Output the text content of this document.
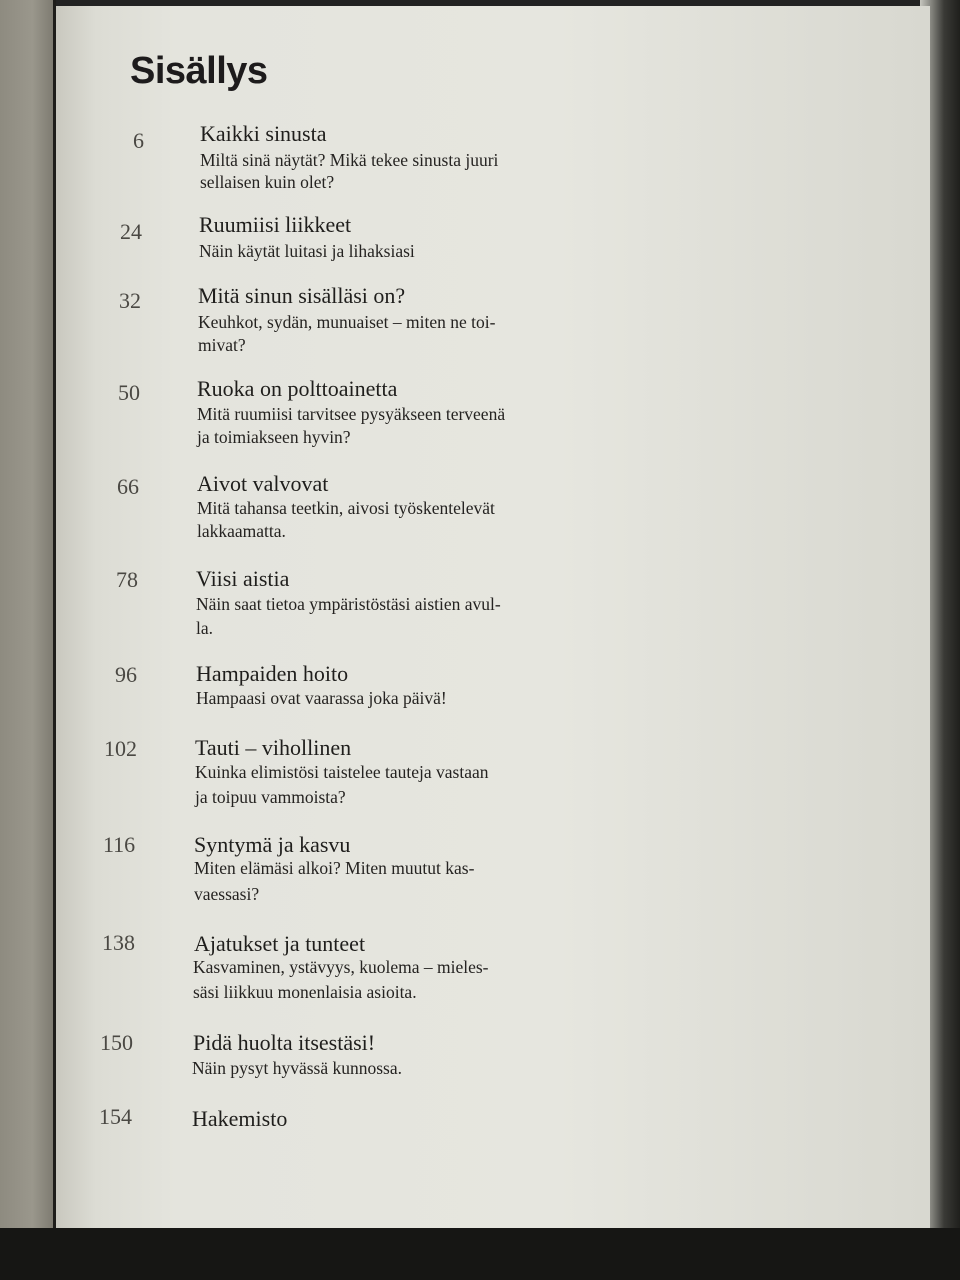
Sisällys
6	Kaikki sinusta
Miltä sinä näytät? Mikä tekee sinusta juuri
sellaisen kuin olet?
24	Ruumiisi liikkeet
Näin käytät luitasi ja lihaksiasi
32	Mitä sinun sisälläsi on?
Keuhkot, sydän, munuaiset – miten ne toi-
mivat?
50	Ruoka on polttoainetta
Mitä ruumiisi tarvitsee pysyäkseen terveenä
ja toimiakseen hyvin?
66	Aivot valvovat
Mitä tahansa teetkin, aivosi työskentelevät
lakkaamatta.
78	Viisi aistia
Näin saat tietoa ympäristöstäsi aistien avul-
la.
96	Hampaiden hoito
Hampaasi ovat vaarassa joka päivä!
102	Tauti – vihollinen
Kuinka elimistösi taistelee tauteja vastaan
ja toipuu vammoista?
116	Syntymä ja kasvu
Miten elämäsi alkoi? Miten muutut kas-
vaessasi?
138	Ajatukset ja tunteet
Kasvaminen, ystävyys, kuolema – mieles-
säsi liikkuu monenlaisia asioita.
150	Pidä huolta itsestäsi!
Näin pysyt hyvässä kunnossa.
154	Hakemisto
